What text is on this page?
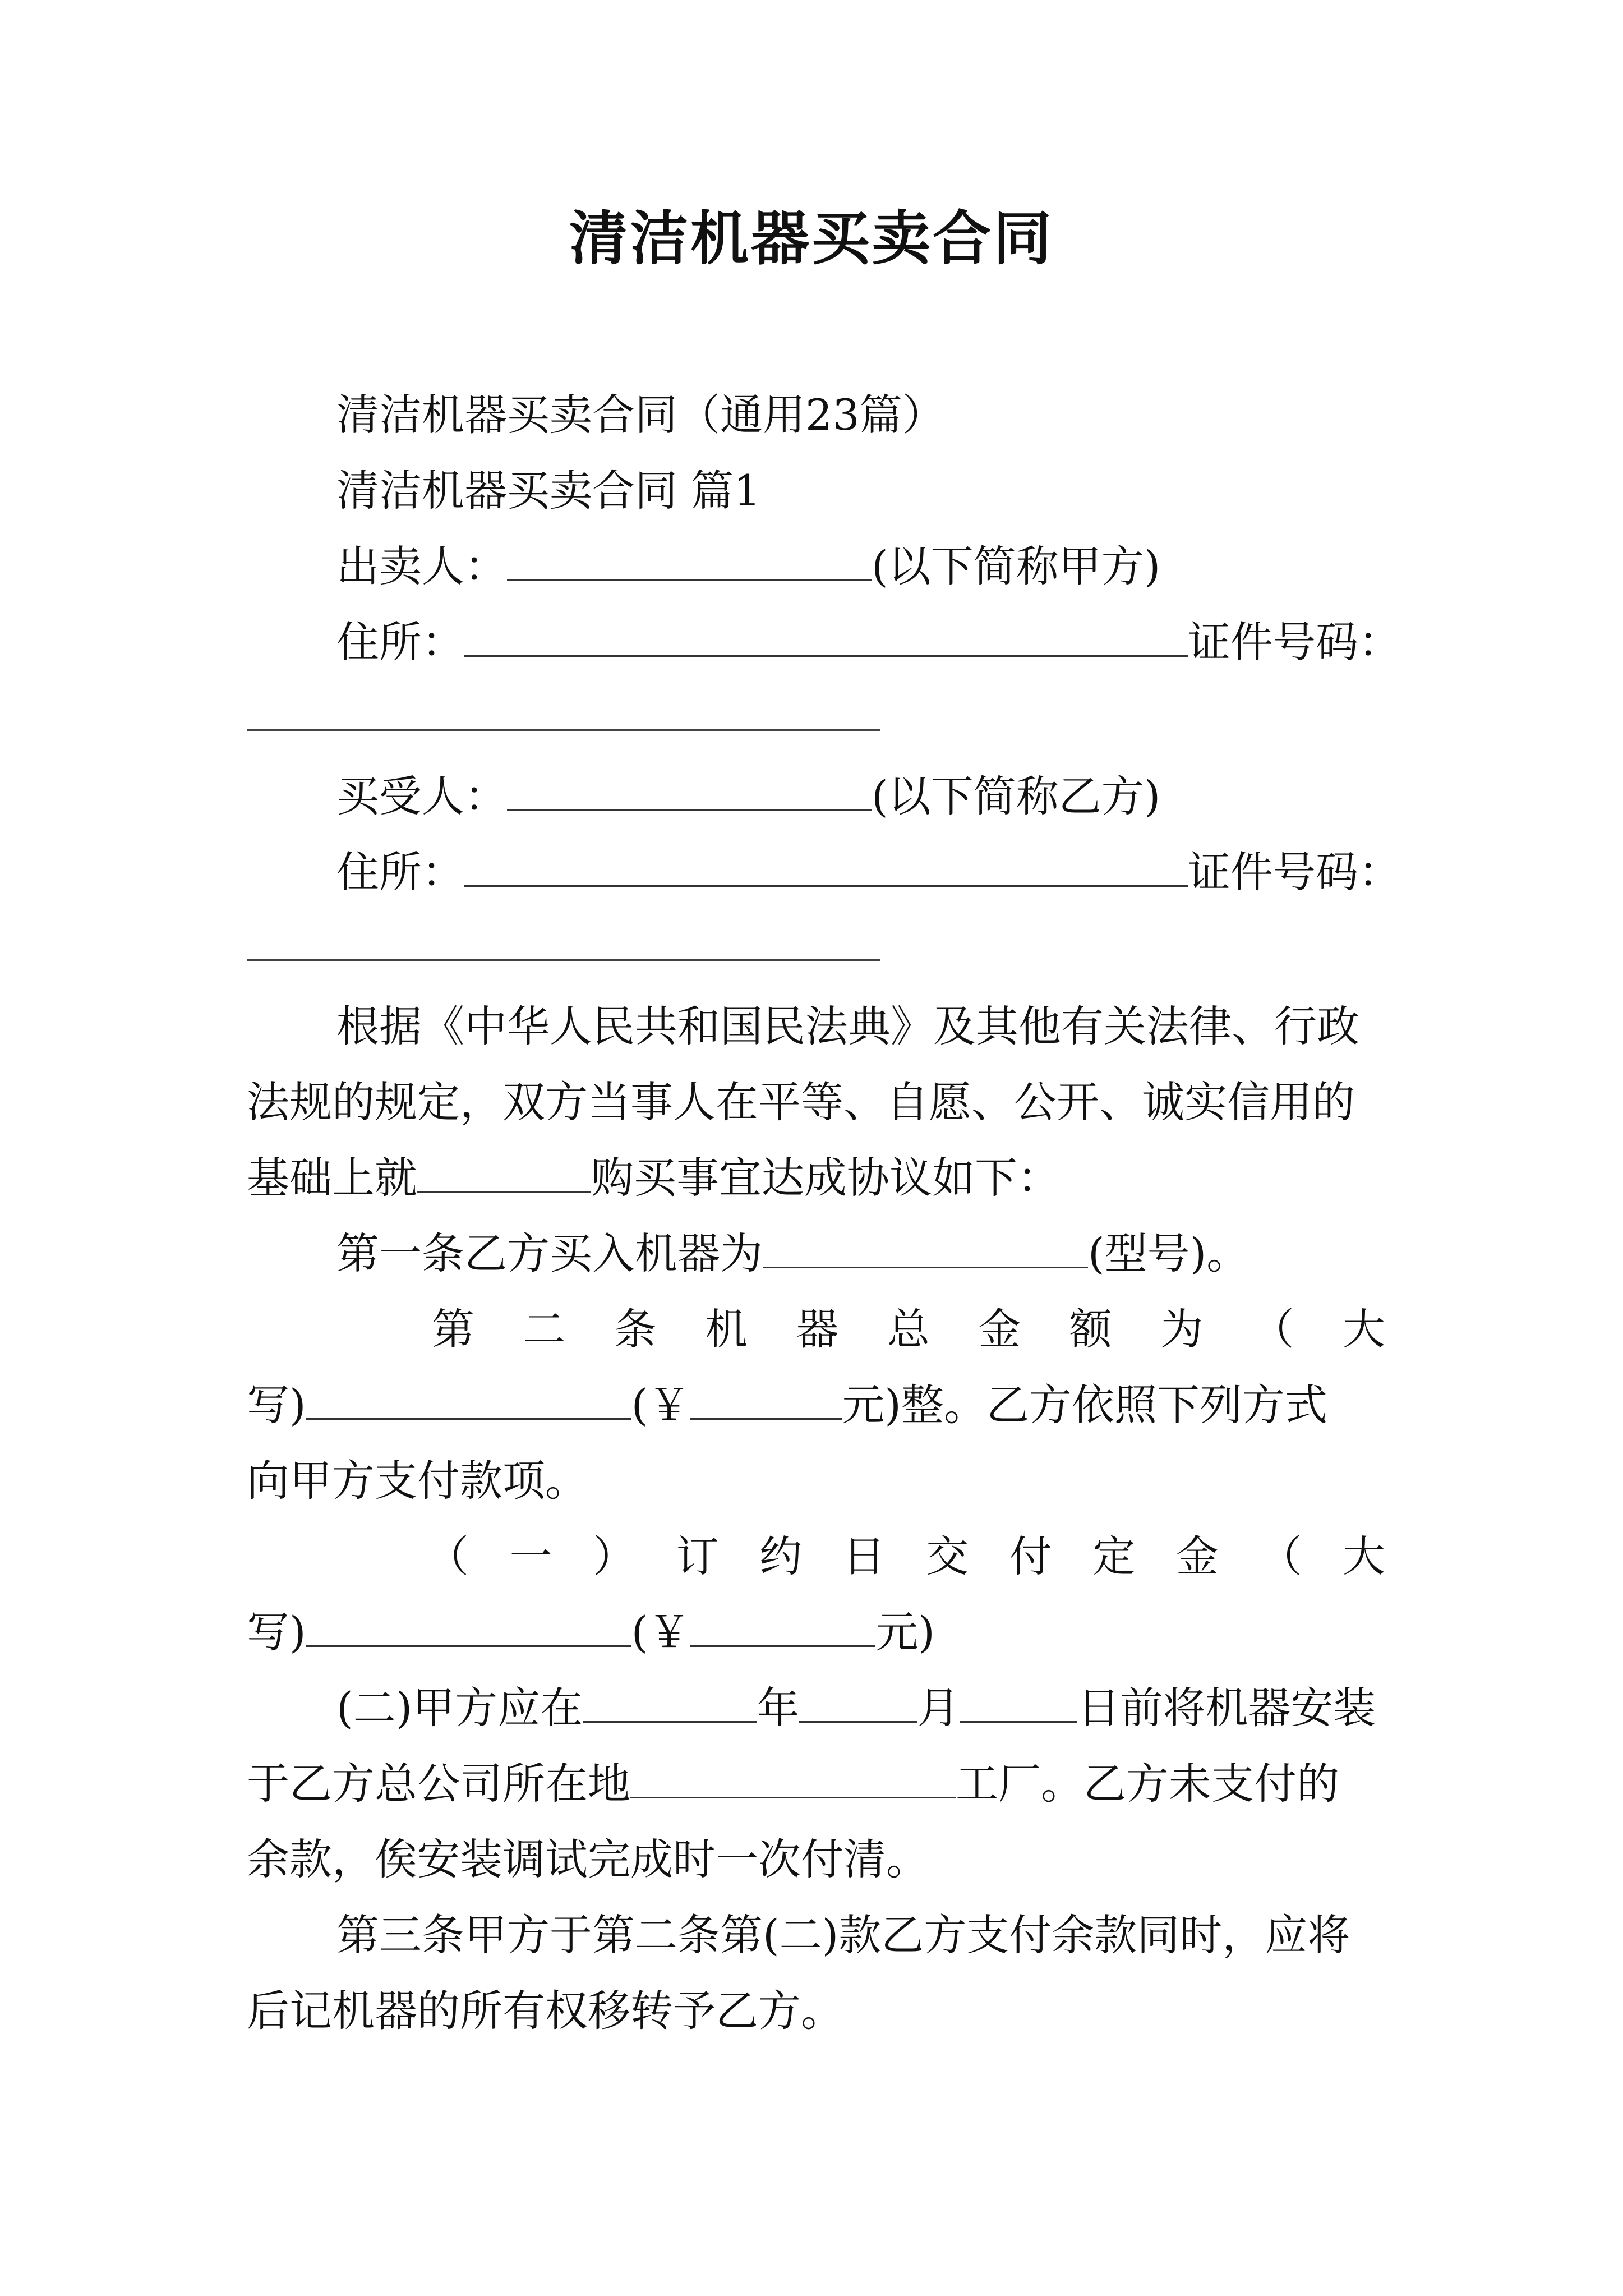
清洁机器买卖合同
清洁机器买卖合同（通用23篇）
清洁机器买卖合同 篇1
出卖人：	(以下简称甲方)
住所：	证件号码：
买受人：	(以下简称乙方)
住所：	证件号码：
根据《中华人民共和国民法典》及其他有关法律、行政
法规的规定，双方当事人在平等、自愿、公开、诚实信用的
基础上就	购买事宜达成协议如下：
第一条乙方买入机器为	(型号)。
第二条机器总金额为（大
写)	(￥	元)整。乙方依照下列方式
向甲方支付款项。
（一）订约日交付定金（大
写)	(￥	元)
(二)甲方应在	年	月	日前将机器安装
于乙方总公司所在地	工厂。乙方未支付的
余款，俟安装调试完成时一次付清。
第三条甲方于第二条第(二)款乙方支付余款同时，应将
后记机器的所有权移转予乙方。
